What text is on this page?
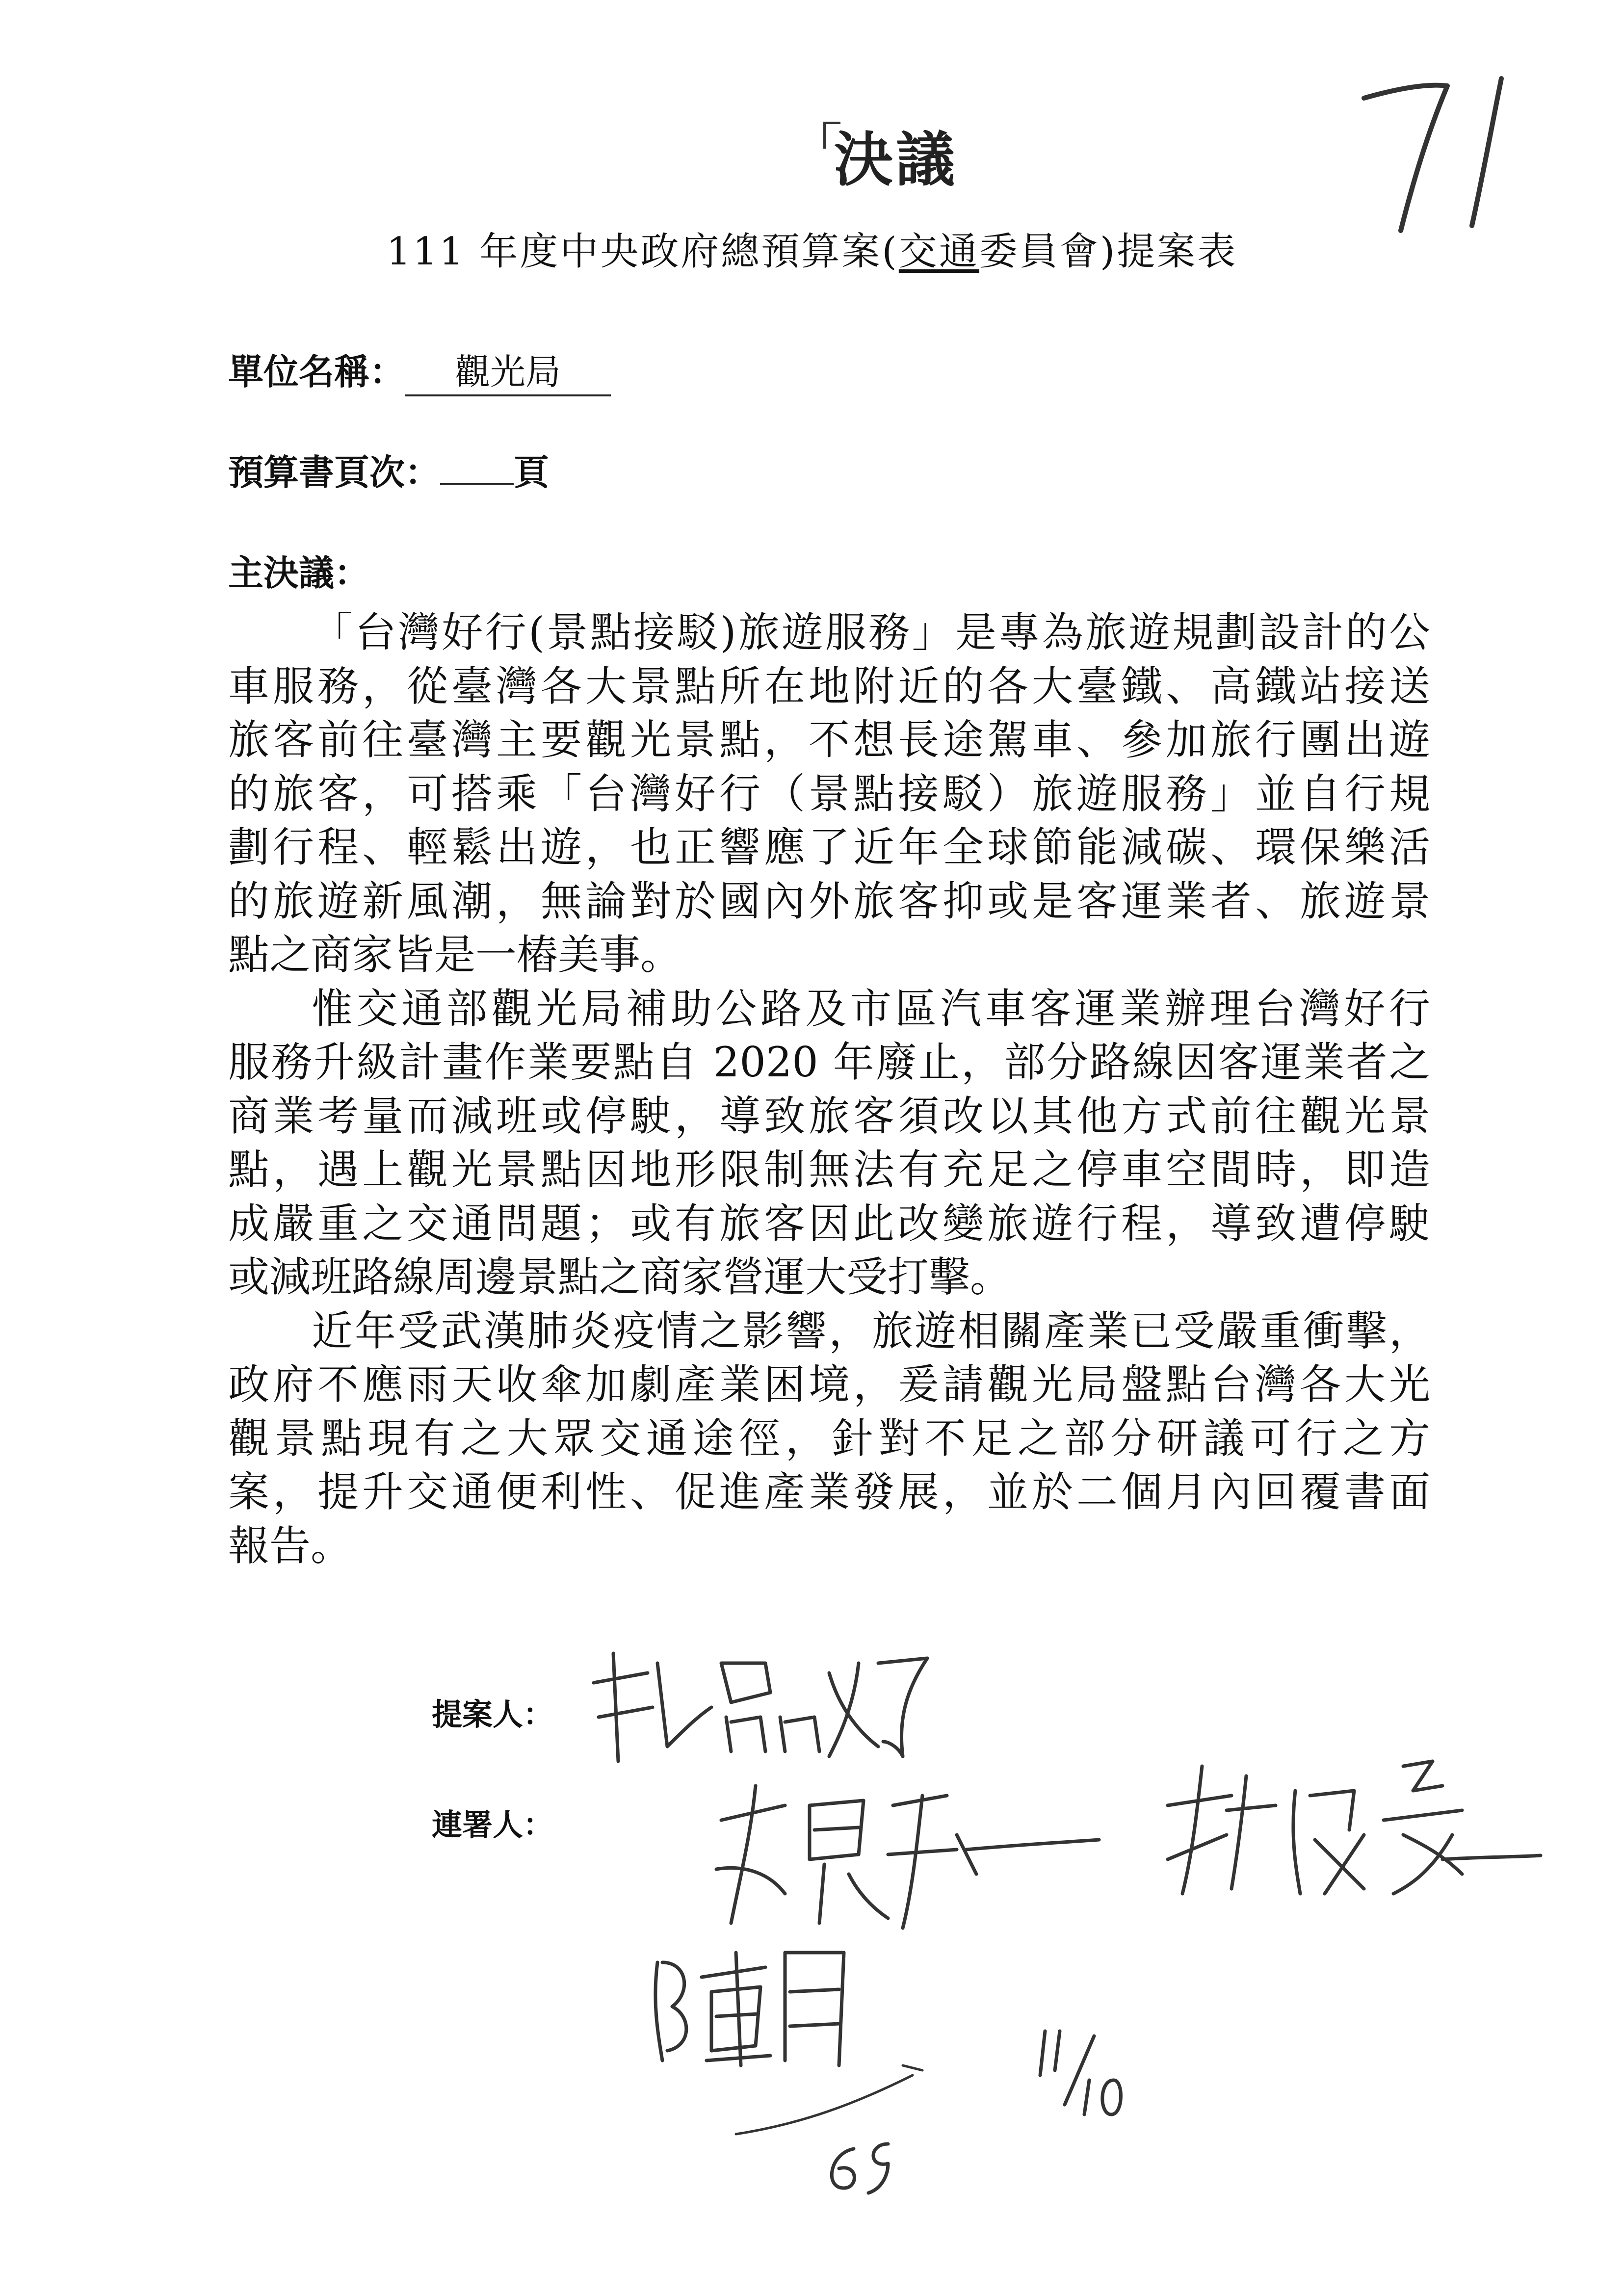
決議
111 年度中央政府總預算案(交通委員會)提案表
單位名稱： 觀光局
預算書頁次： 頁
主決議：
「台灣好行(景點接駁)旅遊服務」是專為旅遊規劃設計的公
車服務，從臺灣各大景點所在地附近的各大臺鐵、高鐵站接送
旅客前往臺灣主要觀光景點，不想長途駕車、參加旅行團出遊
的旅客，可搭乘「台灣好行（景點接駁）旅遊服務」並自行規
劃行程、輕鬆出遊，也正響應了近年全球節能減碳、環保樂活
的旅遊新風潮，無論對於國內外旅客抑或是客運業者、旅遊景
點之商家皆是一樁美事。
惟交通部觀光局補助公路及市區汽車客運業辦理台灣好行
服務升級計畫作業要點自 2020 年廢止，部分路線因客運業者之
商業考量而減班或停駛，導致旅客須改以其他方式前往觀光景
點，遇上觀光景點因地形限制無法有充足之停車空間時，即造
成嚴重之交通問題；或有旅客因此改變旅遊行程，導致遭停駛
或減班路線周邊景點之商家營運大受打擊。
近年受武漢肺炎疫情之影響，旅遊相關產業已受嚴重衝擊，
政府不應雨天收傘加劇產業困境，爰請觀光局盤點台灣各大光
觀景點現有之大眾交通途徑，針對不足之部分研議可行之方
案，提升交通便利性、促進產業發展，並於二個月內回覆書面
報告。
提案人：
連署人：
